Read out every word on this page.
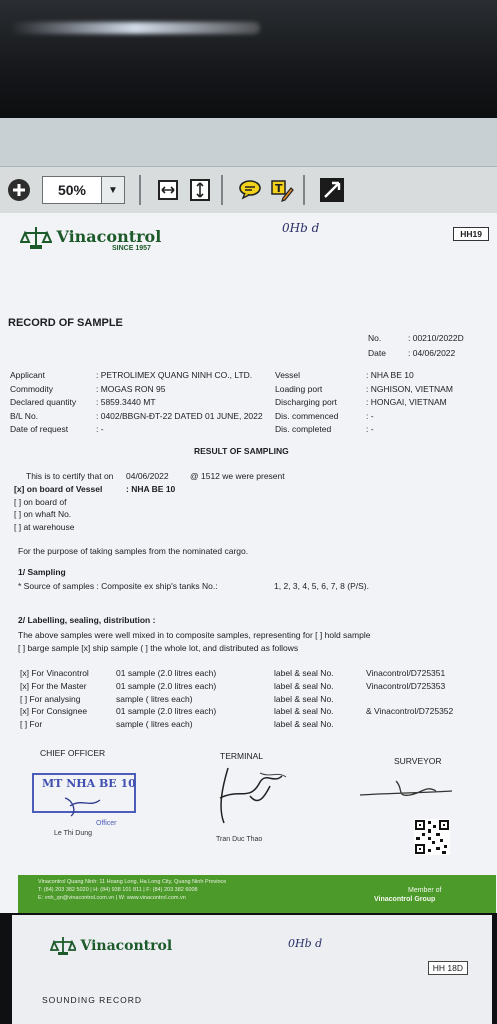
50%	▼	T
HH19
Vinacontrol
SINCE 1957
0Hb d
RECORD OF SAMPLE
No.	: 00210/2022D
Date	: 04/06/2022
Applicant	: PETROLIMEX QUANG NINH CO., LTD.
Commodity	: MOGAS RON 95
Declared quantity : 5859.3440 MT
B/L No.	: 0402/BBGN-ĐT-22 DATED 01 JUNE, 2022
Date of request	: -
Vessel	: NHA BE 10
Loading port	: NGHISON, VIETNAM
Discharging port	: HONGAI, VIETNAM
Dis. commenced	: -
Dis. completed	: -
RESULT OF SAMPLING
This is to certify that on 04/06/2022	@ 1512 we were present
[x] on board of Vessel
[ ] on board of
[ ] on whaft No.
[ ] at warehouse
: NHA BE 10
For the purpose of taking samples from the nominated cargo.
1/ Sampling
* Source of samples : Composite ex ship's tanks No.:	1, 2, 3, 4, 5, 6, 7, 8 (P/S).
2/ Labelling, sealing, distribution :
The above samples were well mixed in to composite samples, representing for [ ] hold sample
[ ] barge sample [x] ship sample ( ] the whole lot, and distributed as follows
[x] For Vinacontrol	01 sample (2.0 litres each)	label & seal No.	Vinacontrol/D725351
[x] For the Master	01 sample (2.0 litres each)	label & seal No.	Vinacontrol/D725353
[ ] For analysing	sample ( litres each)	label & seal No.
[x] For Consignee	01 sample (2.0 litres each)	label & seal No.	& Vinacontrol/D725352
[ ] For	sample ( litres each)	label & seal No.
CHIEF OFFICER	TERMINAL	SURVEYOR
MT NHA BE 10
Officer
Le Thi Dung
Tran Duc Thao
Vinacontrol Quang Ninh: 11 Hoang Long, Ha Long City, Quang Ninh Province
T: (84) 203 382 5020 | H: (84) 938 101 811 | F: (84) 203 382 6008
E: vnh_qn@vinacontrol.com.vn | W: www.vinacontrol.com.vn
Member of
Vinacontrol Group
Vinacontrol
HH 18D
0Hb d
SOUNDING RECORD
